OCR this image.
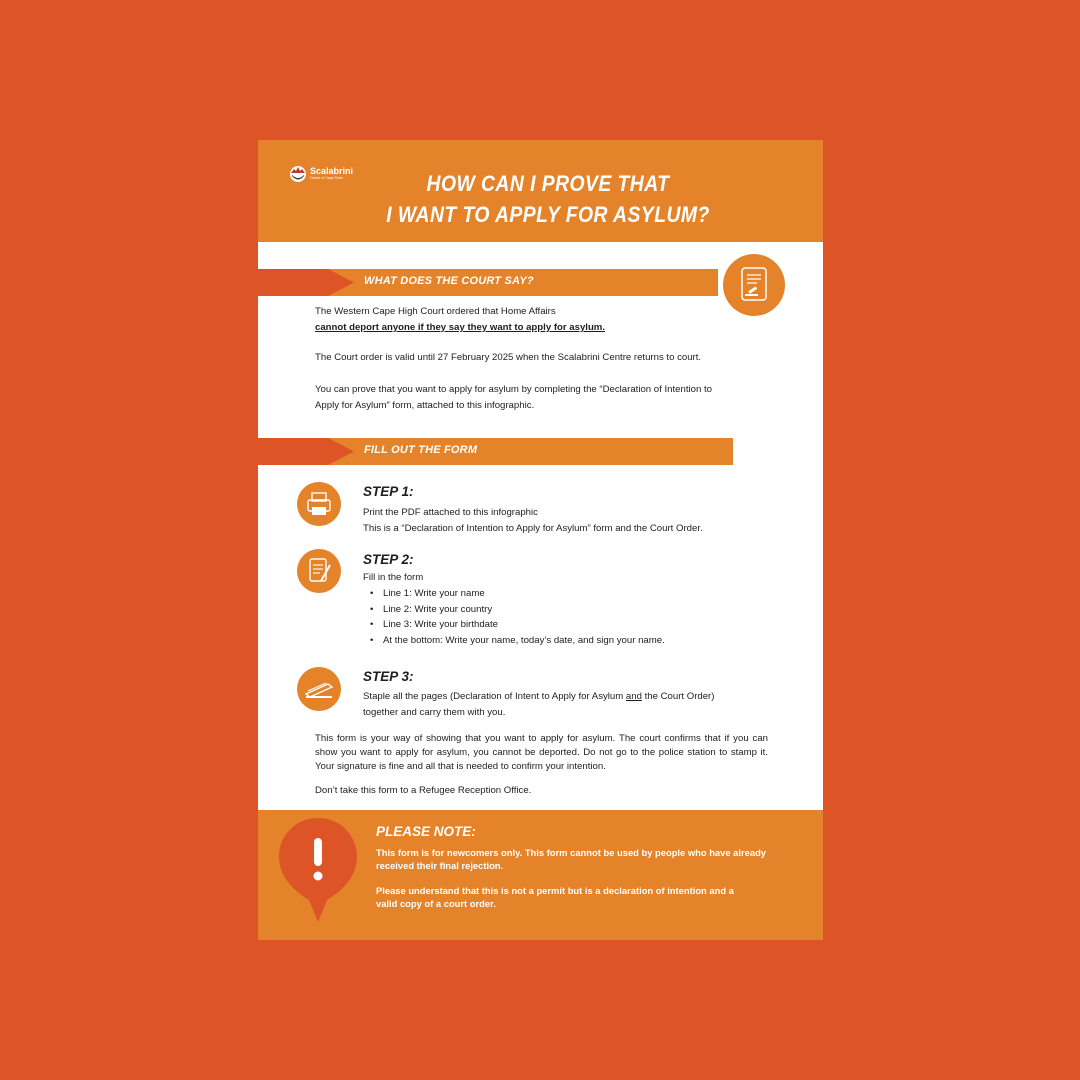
Scalabrini
Centre of Cape Town	HOW CAN I PROVE THAT
I WANT TO APPLY FOR ASYLUM?
WHAT DOES THE COURT SAY?
The Western Cape High Court ordered that Home Affairs
cannot deport anyone if they say they want to apply for asylum.
The Court order is valid until 27 February 2025 when the Scalabrini Centre returns to court.
You can prove that you want to apply for asylum by completing the “Declaration of Intention to
Apply for Asylum” form, attached to this infographic.
FILL OUT THE FORM
STEP 1:
Print the PDF attached to this infographic
This is a “Declaration of Intention to Apply for Asylum” form and the Court Order.
STEP 2:
Fill in the form
• Line 1: Write your name
• Line 2: Write your country
• Line 3: Write your birthdate
• At the bottom: Write your name, today’s date, and sign your name.
STEP 3:
Staple all the pages (Declaration of Intent to Apply for Asylum and the Court Order)
together and carry them with you.
This form is your way of showing that you want to apply for asylum. The court confirms that if you can show you want to apply for asylum, you cannot be deported. Do not go to the police station to stamp it. Your signature is fine and all that is needed to confirm your intention.
Don’t take this form to a Refugee Reception Office.
PLEASE NOTE:
This form is for newcomers only. This form cannot be used by people who have already received their final rejection.
Please understand that this is not a permit but is a declaration of intention and a valid copy of a court order.
